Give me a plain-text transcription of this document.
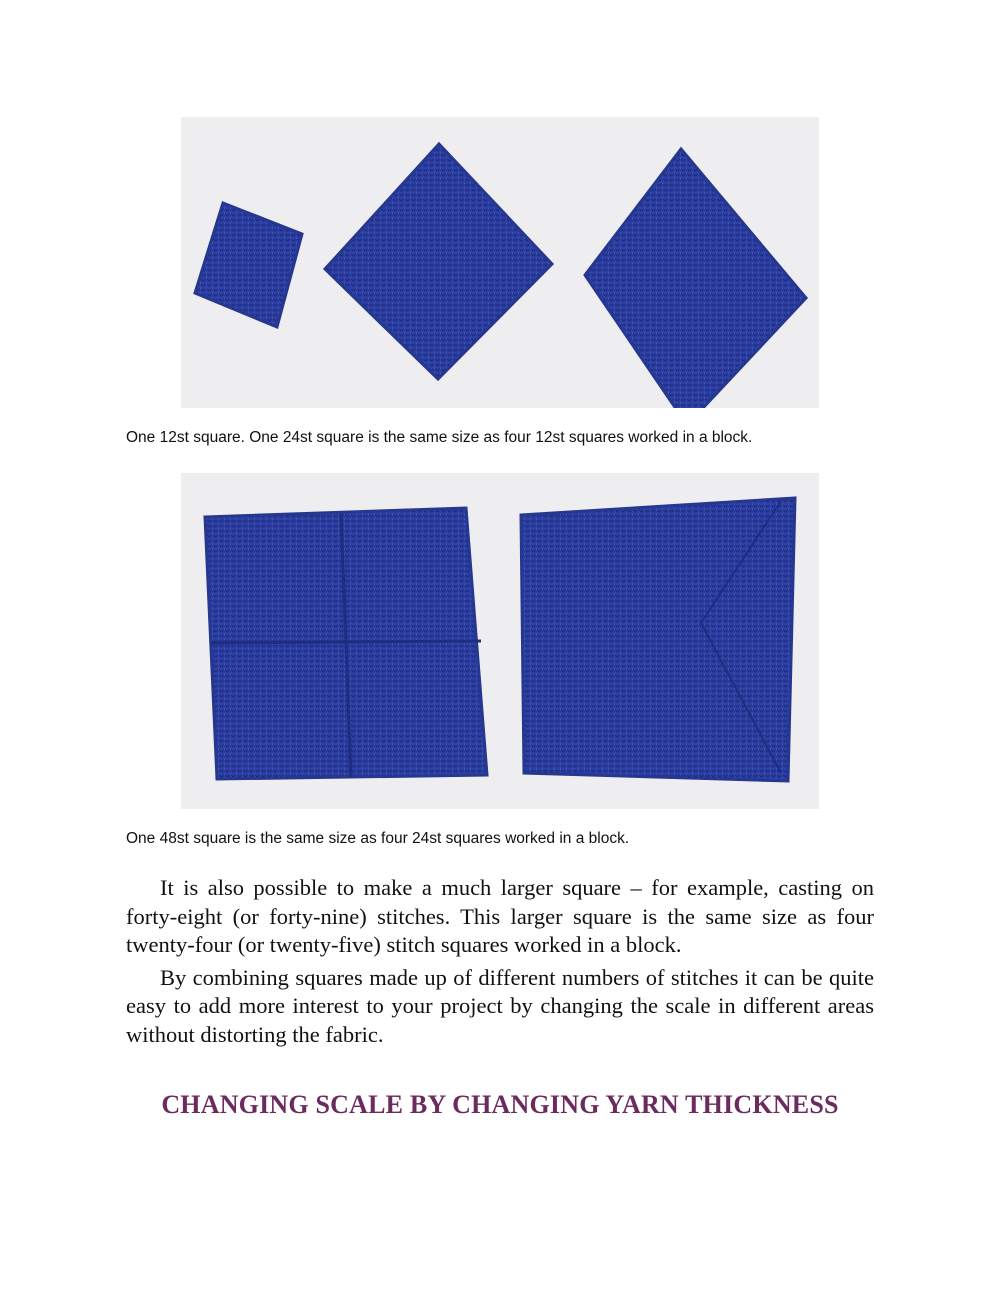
One 12st square. One 24st square is the same size as four 12st squares worked in a block.
One 48st square is the same size as four 24st squares worked in a block.

It is also possible to make a much larger square – for example, casting on forty-eight (or forty-nine) stitches. This larger square is the same size as four twenty-four (or twenty-five) stitch squares worked in a block.

By combining squares made up of different numbers of stitches it can be quite easy to add more interest to your project by changing the scale in different areas without distorting the fabric.

CHANGING SCALE BY CHANGING YARN THICKNESS
